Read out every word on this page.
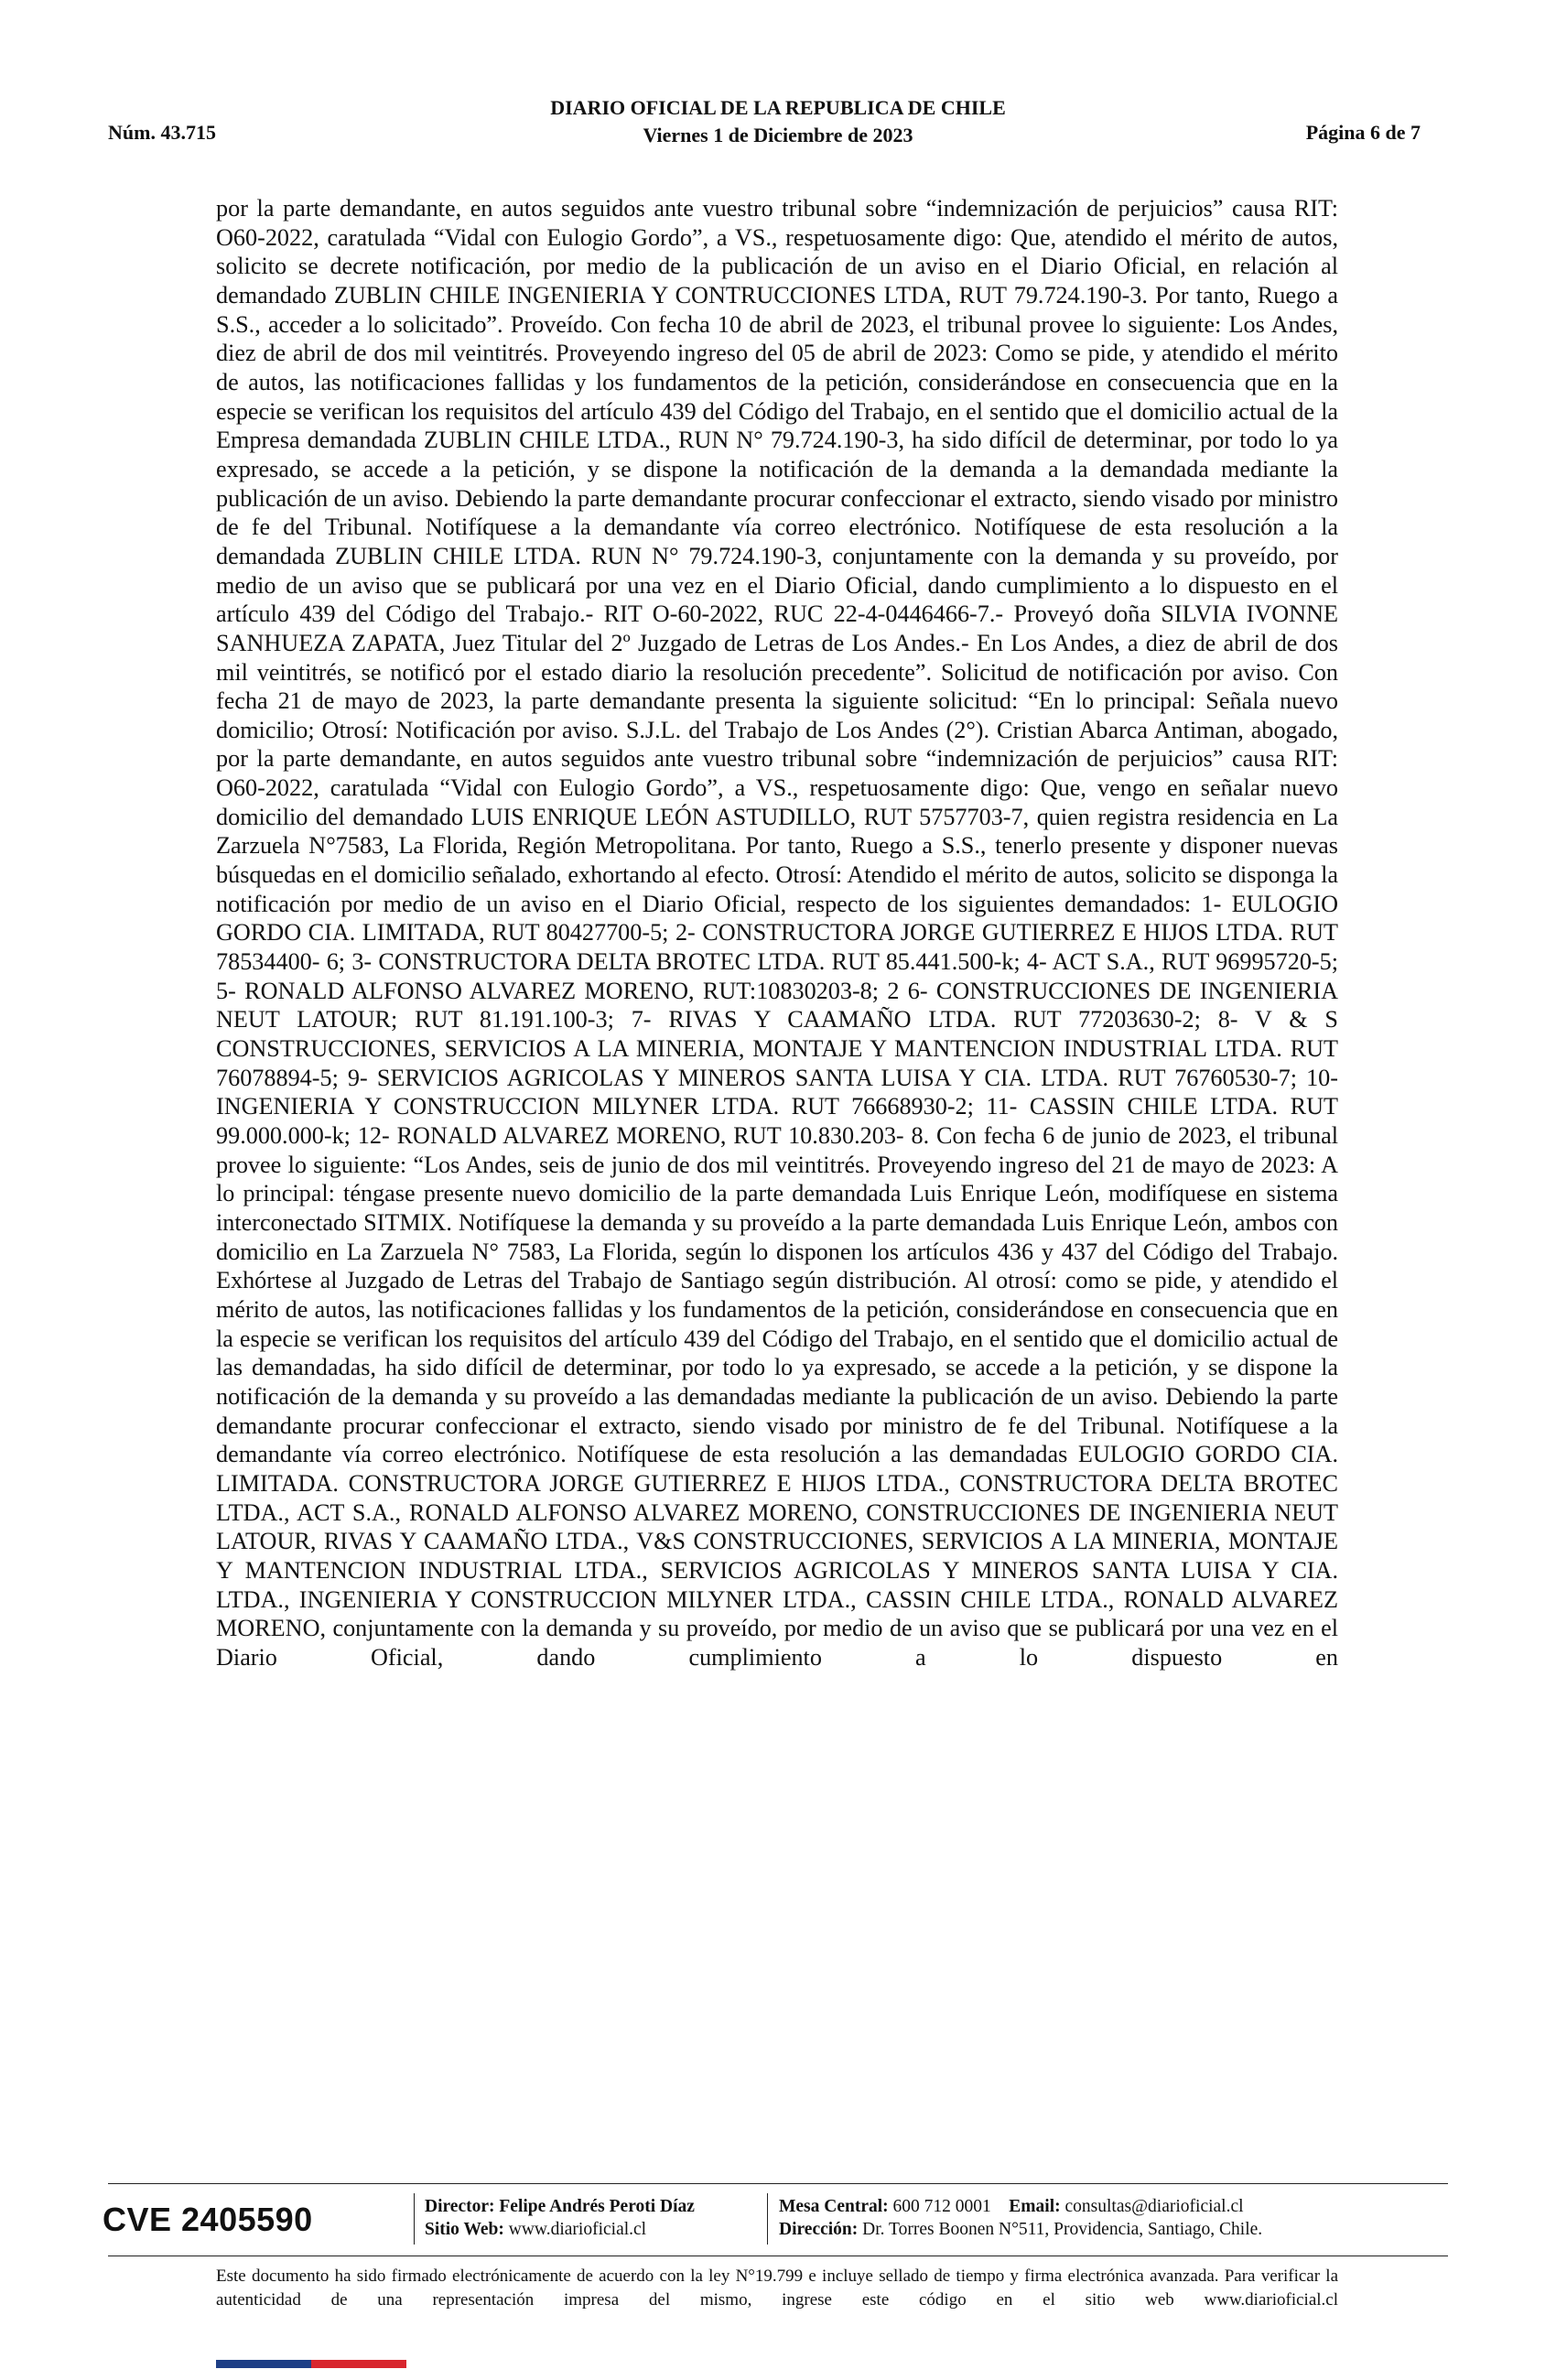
Núm. 43.715
DIARIO OFICIAL DE LA REPUBLICA DE CHILE
Viernes 1 de Diciembre de 2023	Página 6 de 7

por la parte demandante, en autos seguidos ante vuestro tribunal sobre “indemnización de perjuicios” causa RIT: O60-2022, caratulada “Vidal con Eulogio Gordo”, a VS., respetuosamente digo: Que, atendido el mérito de autos, solicito se decrete notificación, por medio de la publicación de un aviso en el Diario Oficial, en relación al demandado ZUBLIN CHILE INGENIERIA Y CONTRUCCIONES LTDA, RUT 79.724.190-3. Por tanto, Ruego a S.S., acceder a lo solicitado”. Proveído. Con fecha 10 de abril de 2023, el tribunal provee lo siguiente: Los Andes, diez de abril de dos mil veintitrés. Proveyendo ingreso del 05 de abril de 2023: Como se pide, y atendido el mérito de autos, las notificaciones fallidas y los fundamentos de la petición, considerándose en consecuencia que en la especie se verifican los requisitos del artículo 439 del Código del Trabajo, en el sentido que el domicilio actual de la Empresa demandada ZUBLIN CHILE LTDA., RUN N° 79.724.190-3, ha sido difícil de determinar, por todo lo ya expresado, se accede a la petición, y se dispone la notificación de la demanda a la demandada mediante la publicación de un aviso. Debiendo la parte demandante procurar confeccionar el extracto, siendo visado por ministro de fe del Tribunal. Notifíquese a la demandante vía correo electrónico. Notifíquese de esta resolución a la demandada ZUBLIN CHILE LTDA. RUN N° 79.724.190-3, conjuntamente con la demanda y su proveído, por medio de un aviso que se publicará por una vez en el Diario Oficial, dando cumplimiento a lo dispuesto en el artículo 439 del Código del Trabajo.- RIT O-60-2022, RUC 22-4-0446466-7.- Proveyó doña SILVIA IVONNE SANHUEZA ZAPATA, Juez Titular del 2º Juzgado de Letras de Los Andes.- En Los Andes, a diez de abril de dos mil veintitrés, se notificó por el estado diario la resolución precedente”. Solicitud de notificación por aviso. Con fecha 21 de mayo de 2023, la parte demandante presenta la siguiente solicitud: “En lo principal: Señala nuevo domicilio; Otrosí: Notificación por aviso. S.J.L. del Trabajo de Los Andes (2°). Cristian Abarca Antiman, abogado, por la parte demandante, en autos seguidos ante vuestro tribunal sobre “indemnización de perjuicios” causa RIT: O60-2022, caratulada “Vidal con Eulogio Gordo”, a VS., respetuosamente digo: Que, vengo en señalar nuevo domicilio del demandado LUIS ENRIQUE LEÓN ASTUDILLO, RUT 5757703-7, quien registra residencia en La Zarzuela N°7583, La Florida, Región Metropolitana. Por tanto, Ruego a S.S., tenerlo presente y disponer nuevas búsquedas en el domicilio señalado, exhortando al efecto. Otrosí: Atendido el mérito de autos, solicito se disponga la notificación por medio de un aviso en el Diario Oficial, respecto de los siguientes demandados: 1- EULOGIO GORDO CIA. LIMITADA, RUT 80427700-5; 2- CONSTRUCTORA JORGE GUTIERREZ E HIJOS LTDA. RUT 78534400- 6; 3- CONSTRUCTORA DELTA BROTEC LTDA. RUT 85.441.500-k; 4- ACT S.A., RUT 96995720-5; 5- RONALD ALFONSO ALVAREZ MORENO, RUT:10830203-8; 2 6- CONSTRUCCIONES DE INGENIERIA NEUT LATOUR; RUT 81.191.100-3; 7- RIVAS Y CAAMAÑO LTDA. RUT 77203630-2; 8- V & S CONSTRUCCIONES, SERVICIOS A LA MINERIA, MONTAJE Y MANTENCION INDUSTRIAL LTDA. RUT 76078894-5; 9- SERVICIOS AGRICOLAS Y MINEROS SANTA LUISA Y CIA. LTDA. RUT 76760530-7; 10- INGENIERIA Y CONSTRUCCION MILYNER LTDA. RUT 76668930-2; 11- CASSIN CHILE LTDA. RUT 99.000.000-k; 12- RONALD ALVAREZ MORENO, RUT 10.830.203- 8. Con fecha 6 de junio de 2023, el tribunal provee lo siguiente: “Los Andes, seis de junio de dos mil veintitrés. Proveyendo ingreso del 21 de mayo de 2023: A lo principal: téngase presente nuevo domicilio de la parte demandada Luis Enrique León, modifíquese en sistema interconectado SITMIX. Notifíquese la demanda y su proveído a la parte demandada Luis Enrique León, ambos con domicilio en La Zarzuela N° 7583, La Florida, según lo disponen los artículos 436 y 437 del Código del Trabajo. Exhórtese al Juzgado de Letras del Trabajo de Santiago según distribución. Al otrosí: como se pide, y atendido el mérito de autos, las notificaciones fallidas y los fundamentos de la petición, considerándose en consecuencia que en la especie se verifican los requisitos del artículo 439 del Código del Trabajo, en el sentido que el domicilio actual de las demandadas, ha sido difícil de determinar, por todo lo ya expresado, se accede a la petición, y se dispone la notificación de la demanda y su proveído a las demandadas mediante la publicación de un aviso. Debiendo la parte demandante procurar confeccionar el extracto, siendo visado por ministro de fe del Tribunal. Notifíquese a la demandante vía correo electrónico. Notifíquese de esta resolución a las demandadas EULOGIO GORDO CIA. LIMITADA. CONSTRUCTORA JORGE GUTIERREZ E HIJOS LTDA., CONSTRUCTORA DELTA BROTEC LTDA., ACT S.A., RONALD ALFONSO ALVAREZ MORENO, CONSTRUCCIONES DE INGENIERIA NEUT LATOUR, RIVAS Y CAAMAÑO LTDA., V&S CONSTRUCCIONES, SERVICIOS A LA MINERIA, MONTAJE Y MANTENCION INDUSTRIAL LTDA., SERVICIOS AGRICOLAS Y MINEROS SANTA LUISA Y CIA. LTDA., INGENIERIA Y CONSTRUCCION MILYNER LTDA., CASSIN CHILE LTDA., RONALD ALVAREZ MORENO, conjuntamente con la demanda y su proveído, por medio de un aviso que se publicará por una vez en el Diario Oficial, dando cumplimiento a lo dispuesto en

CVE 2405590	Director: Felipe Andrés Peroti Díaz
Sitio Web: www.diarioficial.cl
Mesa Central: 600 712 0001 Email: consultas@diarioficial.cl
Dirección: Dr. Torres Boonen N°511, Providencia, Santiago, Chile.

Este documento ha sido firmado electrónicamente de acuerdo con la ley N°19.799 e incluye sellado de tiempo y firma electrónica avanzada. Para verificar la autenticidad de una representación impresa del mismo, ingrese este código en el sitio web www.diarioficial.cl
